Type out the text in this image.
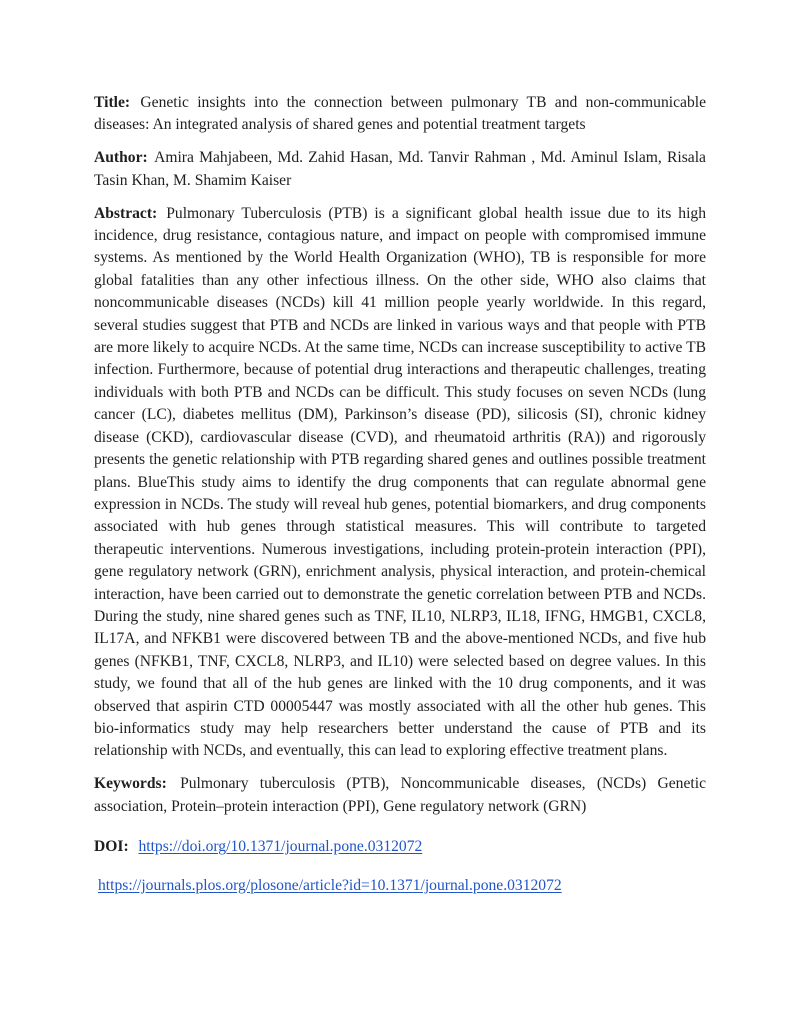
Title: Genetic insights into the connection between pulmonary TB and non-communicable diseases: An integrated analysis of shared genes and potential treatment targets

Author: Amira Mahjabeen, Md. Zahid Hasan, Md. Tanvir Rahman , Md. Aminul Islam, Risala Tasin Khan, M. Shamim Kaiser

Abstract: Pulmonary Tuberculosis (PTB) is a significant global health issue due to its high incidence, drug resistance, contagious nature, and impact on people with compromised immune systems. As mentioned by the World Health Organization (WHO), TB is responsible for more global fatalities than any other infectious illness. On the other side, WHO also claims that noncommunicable diseases (NCDs) kill 41 million people yearly worldwide. In this regard, several studies suggest that PTB and NCDs are linked in various ways and that people with PTB are more likely to acquire NCDs. At the same time, NCDs can increase susceptibility to active TB infection. Furthermore, because of potential drug interactions and therapeutic challenges, treating individuals with both PTB and NCDs can be difficult. This study focuses on seven NCDs (lung cancer (LC), diabetes mellitus (DM), Parkinson’s disease (PD), silicosis (SI), chronic kidney disease (CKD), cardiovascular disease (CVD), and rheumatoid arthritis (RA)) and rigorously presents the genetic relationship with PTB regarding shared genes and outlines possible treatment plans. BlueThis study aims to identify the drug components that can regulate abnormal gene expression in NCDs. The study will reveal hub genes, potential biomarkers, and drug components associated with hub genes through statistical measures. This will contribute to targeted therapeutic interventions. Numerous investigations, including protein-protein interaction (PPI), gene regulatory network (GRN), enrichment analysis, physical interaction, and protein-chemical interaction, have been carried out to demonstrate the genetic correlation between PTB and NCDs. During the study, nine shared genes such as TNF, IL10, NLRP3, IL18, IFNG, HMGB1, CXCL8, IL17A, and NFKB1 were discovered between TB and the above-mentioned NCDs, and five hub genes (NFKB1, TNF, CXCL8, NLRP3, and IL10) were selected based on degree values. In this study, we found that all of the hub genes are linked with the 10 drug components, and it was observed that aspirin CTD 00005447 was mostly associated with all the other hub genes. This bio-informatics study may help researchers better understand the cause of PTB and its relationship with NCDs, and eventually, this can lead to exploring effective treatment plans.

Keywords: Pulmonary tuberculosis (PTB), Noncommunicable diseases, (NCDs) Genetic association, Protein–protein interaction (PPI), Gene regulatory network (GRN)

DOI: https://doi.org/10.1371/journal.pone.0312072

https://journals.plos.org/plosone/article?id=10.1371/journal.pone.0312072
